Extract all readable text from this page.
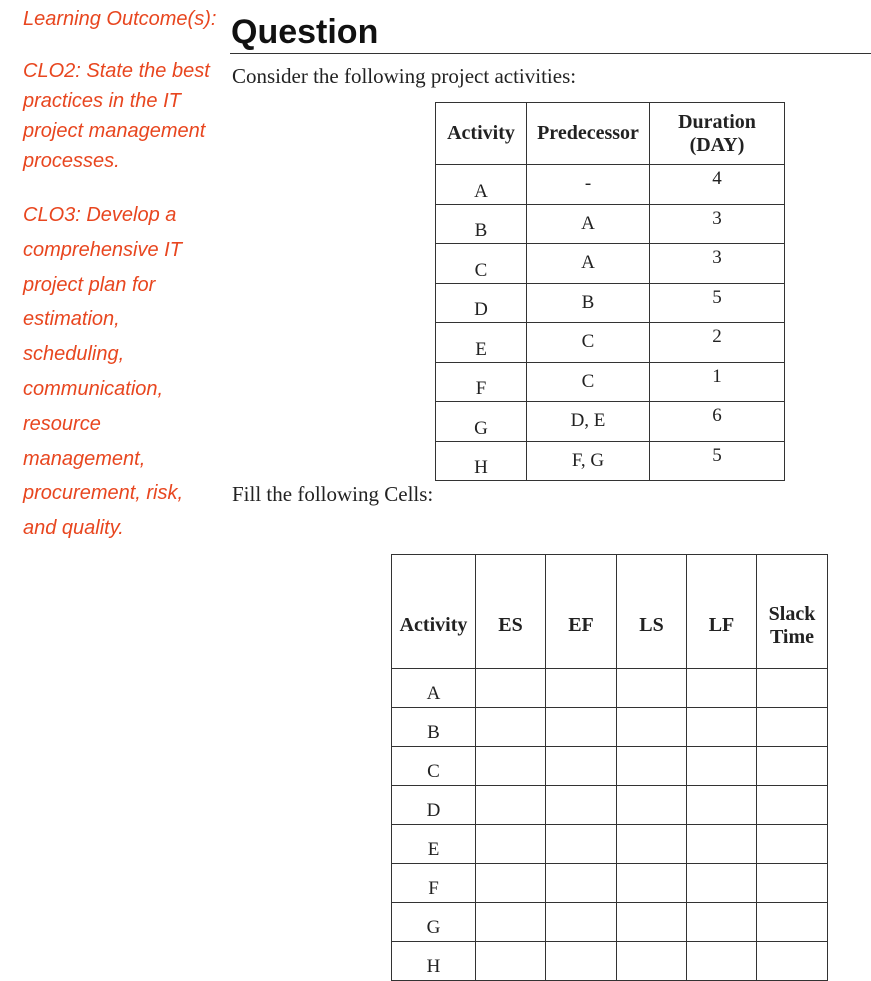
Learning Outcome(s):
CLO2: State the best practices in the IT project management processes.
CLO3: Develop a comprehensive IT project plan for estimation, scheduling, communication, resource management, procurement, risk, and quality.
Question
Consider the following project activities:
Activity	Predecessor	Duration
(DAY)

A	-	4
B	A	3
C	A	3
D	B	5
E	C	2
F	C	1
G	D, E	6
H	F, G	5
Fill the following Cells:
Activity	ES	EF	LS	LF	Slack
Time

A					
B					
C					
D					
E					
F					
G					
H					
